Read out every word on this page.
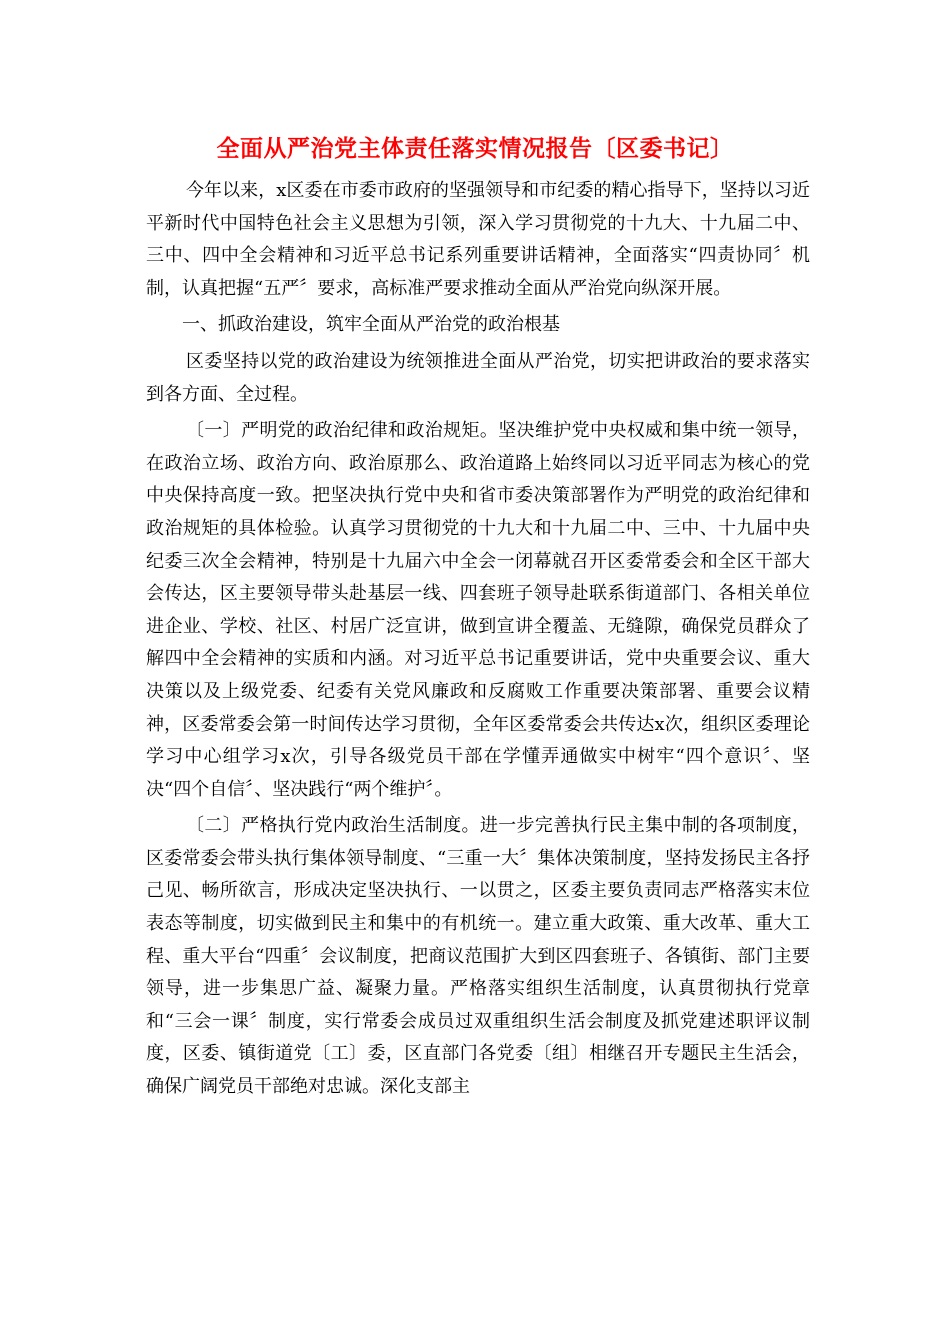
全面从严治党主体责任落实情况报告〔区委书记〕

今年以来，x区委在市委市政府的坚强领导和市纪委的精心指导下，坚持以习近平新时代中国特色社会主义思想为引领，深入学习贯彻党的十九大、十九届二中、三中、四中全会精神和习近平总书记系列重要讲话精神，全面落实“四责协同〞机制，认真把握“五严〞要求，高标准严要求推动全面从严治党向纵深开展。

一、抓政治建设，筑牢全面从严治党的政治根基

区委坚持以党的政治建设为统领推进全面从严治党，切实把讲政治的要求落实到各方面、全过程。

〔一〕严明党的政治纪律和政治规矩。坚决维护党中央权威和集中统一领导，在政治立场、政治方向、政治原那么、政治道路上始终同以习近平同志为核心的党中央保持高度一致。把坚决执行党中央和省市委决策部署作为严明党的政治纪律和政治规矩的具体检验。认真学习贯彻党的十九大和十九届二中、三中、十九届中央纪委三次全会精神，特别是十九届六中全会一闭幕就召开区委常委会和全区干部大会传达，区主要领导带头赴基层一线、四套班子领导赴联系街道部门、各相关单位进企业、学校、社区、村居广泛宣讲，做到宣讲全覆盖、无缝隙，确保党员群众了解四中全会精神的实质和内涵。对习近平总书记重要讲话，党中央重要会议、重大决策以及上级党委、纪委有关党风廉政和反腐败工作重要决策部署、重要会议精神，区委常委会第一时间传达学习贯彻，全年区委常委会共传达x次，组织区委理论学习中心组学习x次，引导各级党员干部在学懂弄通做实中树牢“四个意识〞、坚决“四个自信〞、坚决践行“两个维护〞。

〔二〕严格执行党内政治生活制度。进一步完善执行民主集中制的各项制度，区委常委会带头执行集体领导制度、“三重一大〞集体决策制度，坚持发扬民主各抒己见、畅所欲言，形成决定坚决执行、一以贯之，区委主要负责同志严格落实末位表态等制度，切实做到民主和集中的有机统一。建立重大政策、重大改革、重大工程、重大平台“四重〞会议制度，把商议范围扩大到区四套班子、各镇街、部门主要领导，进一步集思广益、凝聚力量。严格落实组织生活制度，认真贯彻执行党章和“三会一课〞制度，实行常委会成员过双重组织生活会制度及抓党建述职评议制度，区委、镇街道党〔工〕委，区直部门各党委〔组〕相继召开专题民主生活会，确保广阔党员干部绝对忠诚。深化支部主
